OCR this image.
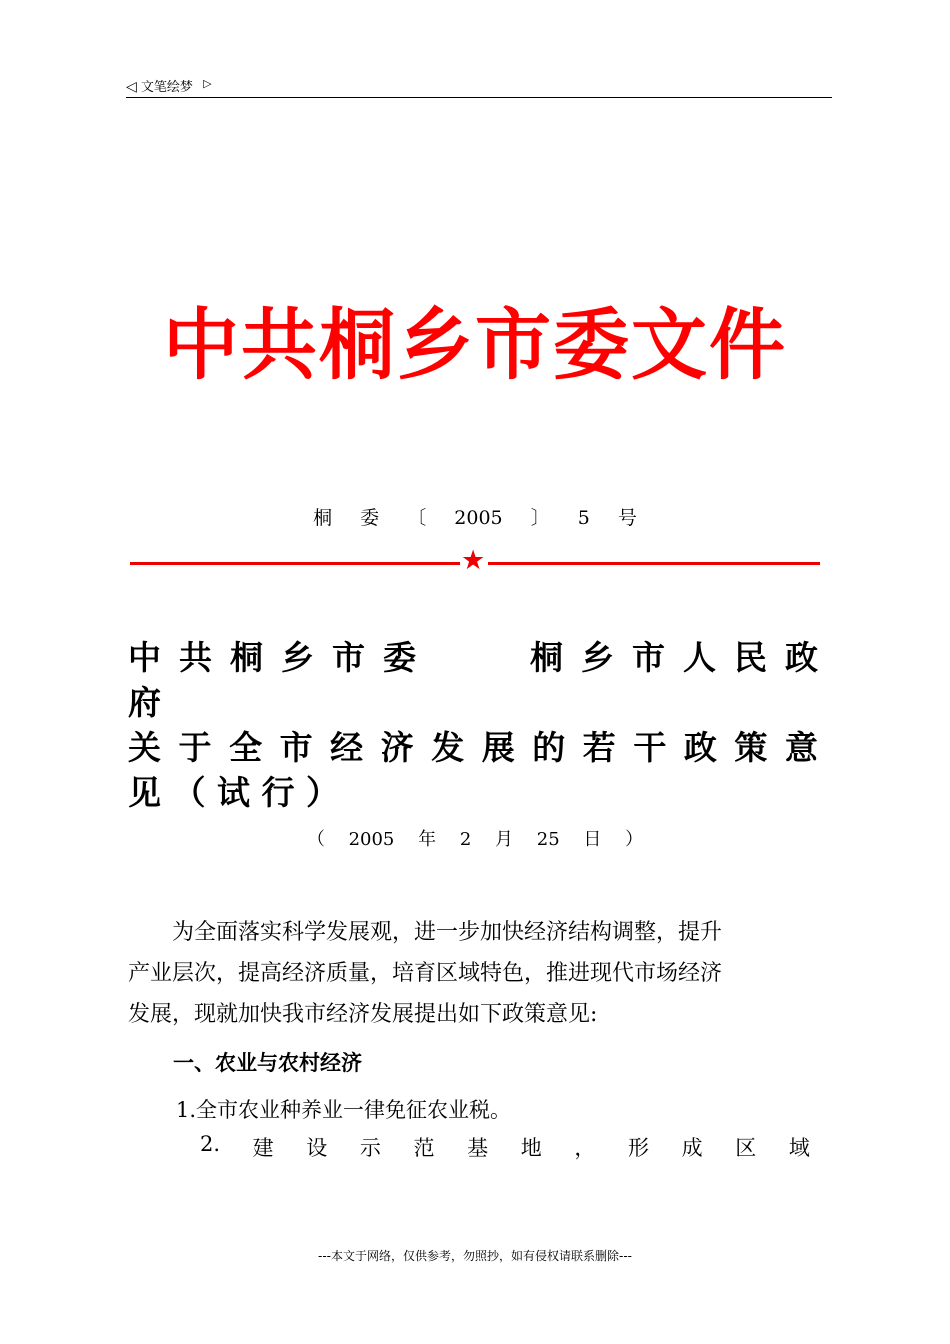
◁ 文笔绘梦 ▷
中共桐乡市委文件
桐 委 〔 2005 〕 5 号
★
中 共 桐 乡 市 委	桐 乡 市 人 民 政
府
关 于 全 市 经 济 发 展 的 若 干 政 策 意
见 （ 试 行 ）
（ 2005 年 2 月 25 日 ）
为全面落实科学发展观，进一步加快经济结构调整，提升
产业层次，提高经济质量，培育区域特色，推进现代市场经济
发展，现就加快我市经济发展提出如下政策意见:
一、农业与农村经济
1.全市农业种养业一律免征农业税。
2. 建 设 示 范 基 地 ， 形 成 区 域
---本文于网络，仅供参考，勿照抄，如有侵权请联系删除---
